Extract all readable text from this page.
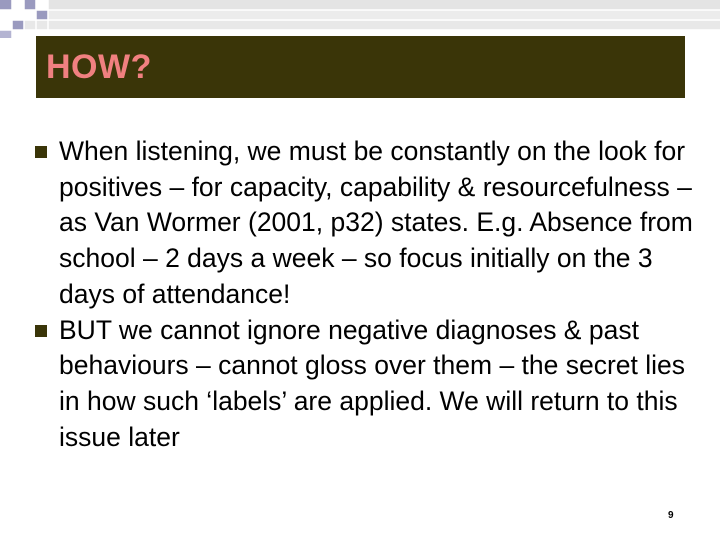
HOW?
When listening, we must be constantly on the look for positives – for capacity, capability & resourcefulness – as Van Wormer (2001, p32) states. E.g. Absence from school – 2 days a week – so focus initially on the 3 days of attendance!
BUT we cannot ignore negative diagnoses & past behaviours – cannot gloss over them – the secret lies in how such ‘labels’ are applied. We will return to this issue later
9
